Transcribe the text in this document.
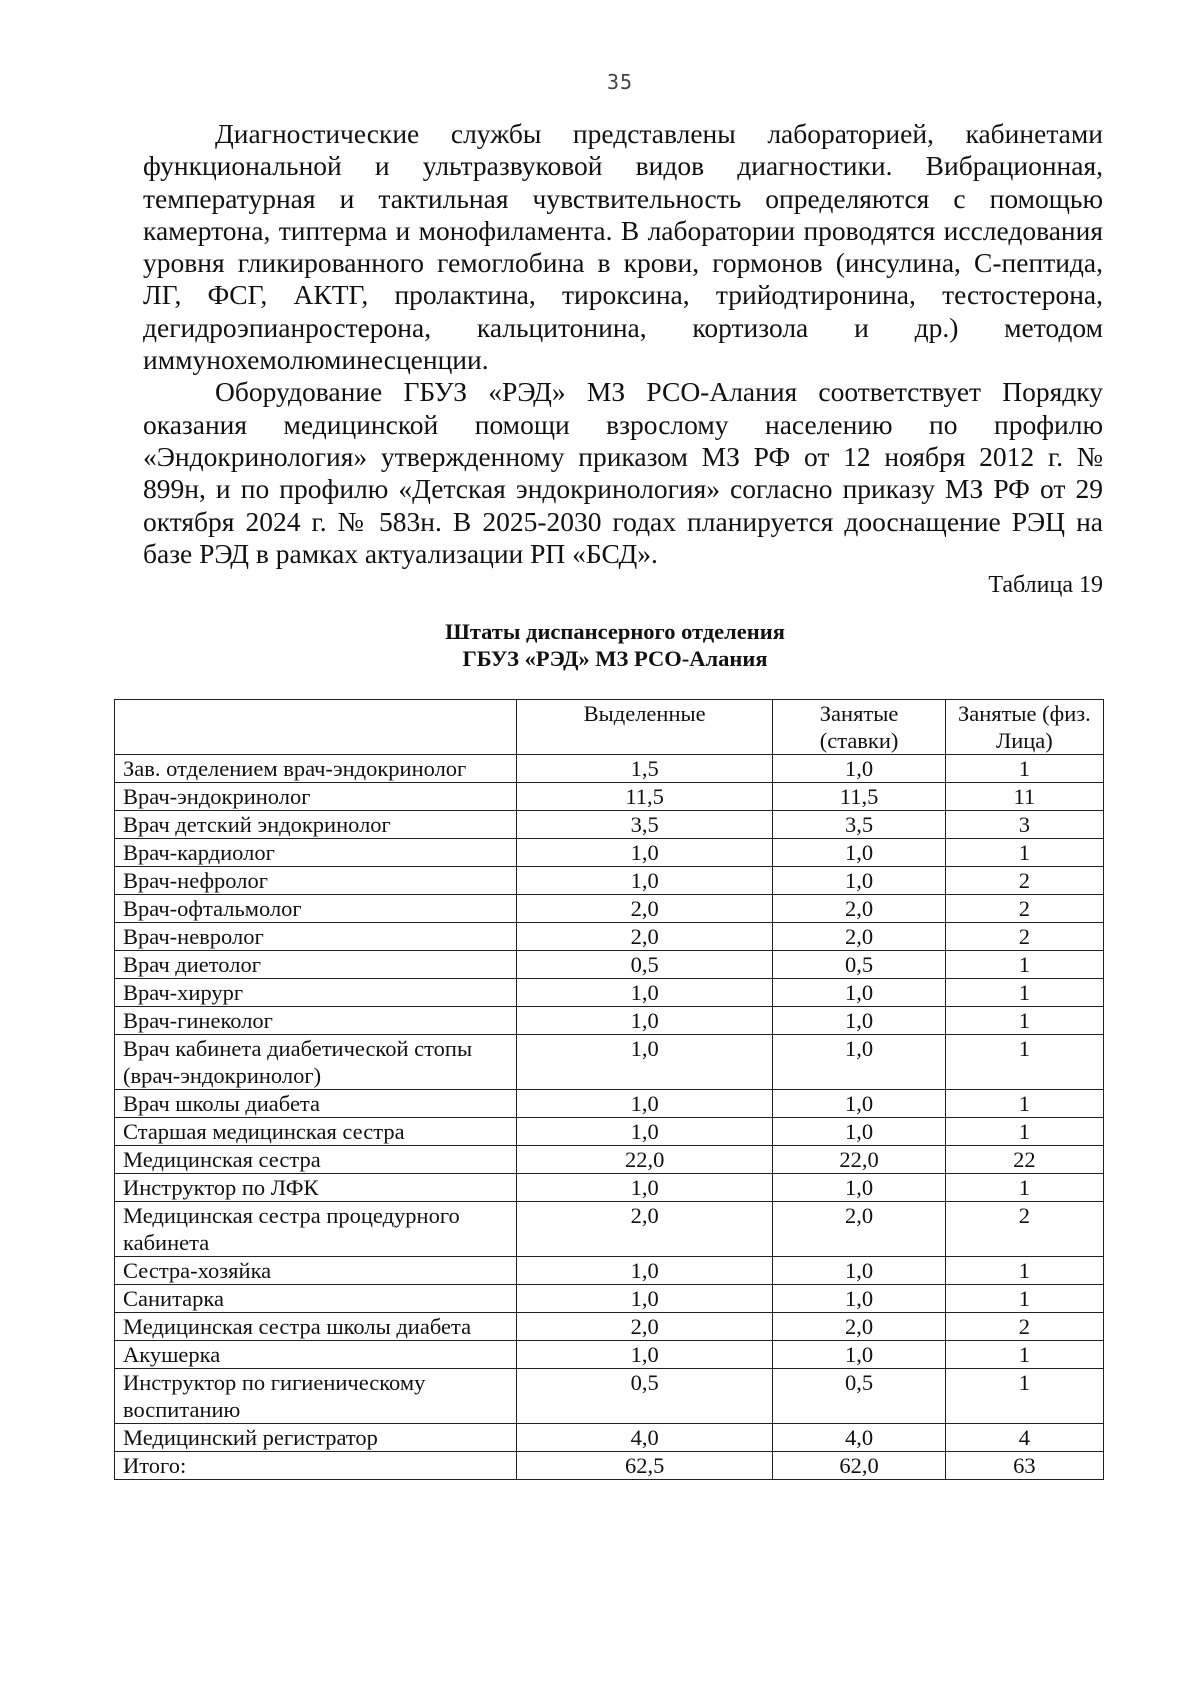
35

Диагностические службы представлены лабораторией, кабинетами функциональной и ультразвуковой видов диагностики. Вибрационная, температурная и тактильная чувствительность определяются с помощью камертона, типтерма и монофиламента. В лаборатории проводятся исследования уровня гликированного гемоглобина в крови, гормонов (инсулина, С-пептида, ЛГ, ФСГ, АКТГ, пролактина, тироксина, трийодтиронина, тестостерона, дегидроэпианростерона, кальцитонина, кортизола и др.) методом иммунохемолюминесценции.

Оборудование ГБУЗ «РЭД» МЗ РСО-Алания соответствует Порядку оказания медицинской помощи взрослому населению по профилю «Эндокринология» утвержденному приказом МЗ РФ от 12 ноября 2012 г. № 899н, и по профилю «Детская эндокринология» согласно приказу МЗ РФ от 29 октября 2024 г. № 583н. В 2025-2030 годах планируется дооснащение РЭЦ на базе РЭД в рамках актуализации РП «БСД».

Таблица 19
Штаты диспансерного отделения
ГБУЗ «РЭД» МЗ РСО-Алания
	Выделенные	Занятые (ставки)	Занятые (физ. Лица)
Зав. отделением врач-эндокринолог	1,5	1,0	1
Врач-эндокринолог	11,5	11,5	11
Врач детский эндокринолог	3,5	3,5	3
Врач-кардиолог	1,0	1,0	1
Врач-нефролог	1,0	1,0	2
Врач-офтальмолог	2,0	2,0	2
Врач-невролог	2,0	2,0	2
Врач диетолог	0,5	0,5	1
Врач-хирург	1,0	1,0	1
Врач-гинеколог	1,0	1,0	1
Врач кабинета диабетической стопы (врач-эндокринолог)	1,0	1,0	1
Врач школы диабета	1,0	1,0	1
Старшая медицинская сестра	1,0	1,0	1
Медицинская сестра	22,0	22,0	22
Инструктор по ЛФК	1,0	1,0	1
Медицинская сестра процедурного кабинета	2,0	2,0	2
Сестра-хозяйка	1,0	1,0	1
Санитарка	1,0	1,0	1
Медицинская сестра школы диабета	2,0	2,0	2
Акушерка	1,0	1,0	1
Инструктор по гигиеническому воспитанию	0,5	0,5	1
Медицинский регистратор	4,0	4,0	4
Итого:	62,5	62,0	63
